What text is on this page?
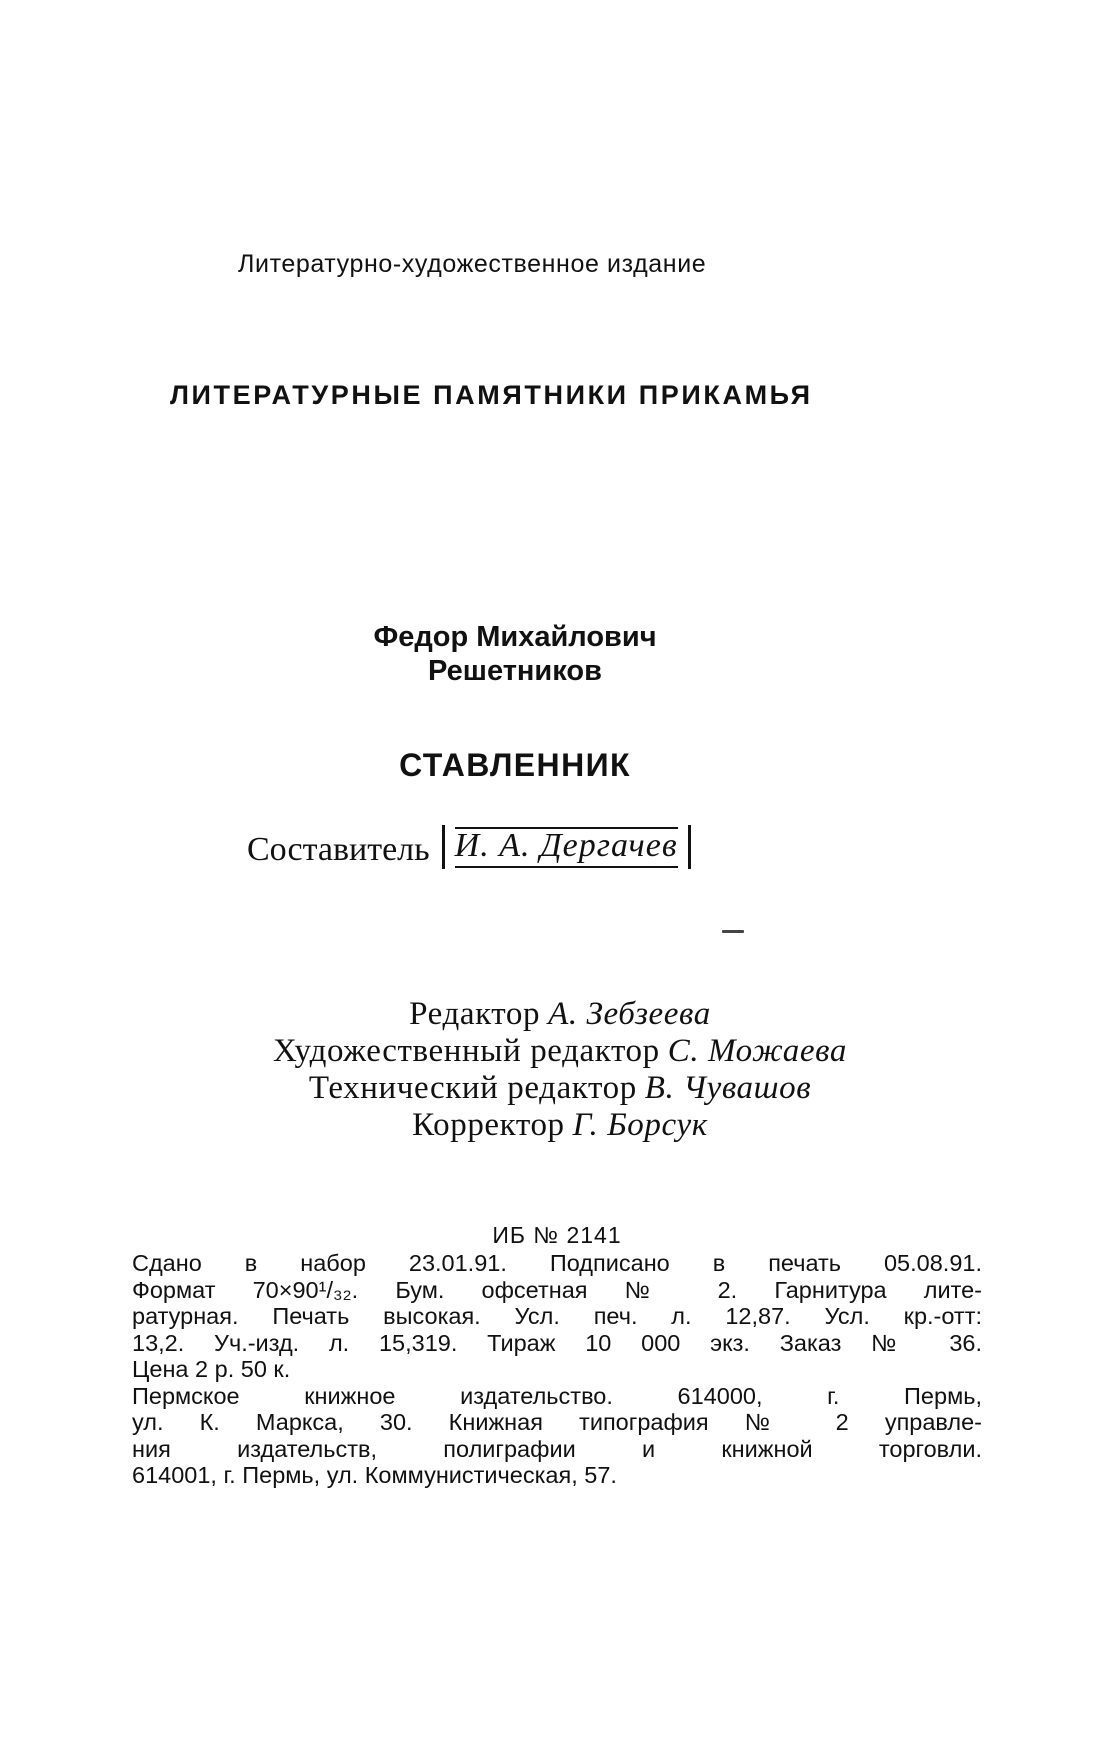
Литературно-художественное издание
ЛИТЕРАТУРНЫЕ ПАМЯТНИКИ ПРИКАМЬЯ
Федор Михайлович
Решетников
СТАВЛЕННИК
Составитель И. А. Дергачев
Редактор А. Зебзеева
Художественный редактор С. Можаева
Технический редактор В. Чувашов
Корректор Г. Борсук
ИБ № 2141
Сдано в набор 23.01.91. Подписано в печать 05.08.91.
Формат 70×90¹/₃₂. Бум. офсетная № 2. Гарнитура лите-
ратурная. Печать высокая. Усл. печ. л. 12,87. Усл. кр.-отт:
13,2. Уч.-изд. л. 15,319. Тираж 10 000 экз. Заказ № 36.
Цена 2 р. 50 к.
Пермское книжное издательство. 614000, г. Пермь,
ул. К. Маркса, 30. Книжная типография № 2 управле-
ния издательств, полиграфии и книжной торговли.
614001, г. Пермь, ул. Коммунистическая, 57.
